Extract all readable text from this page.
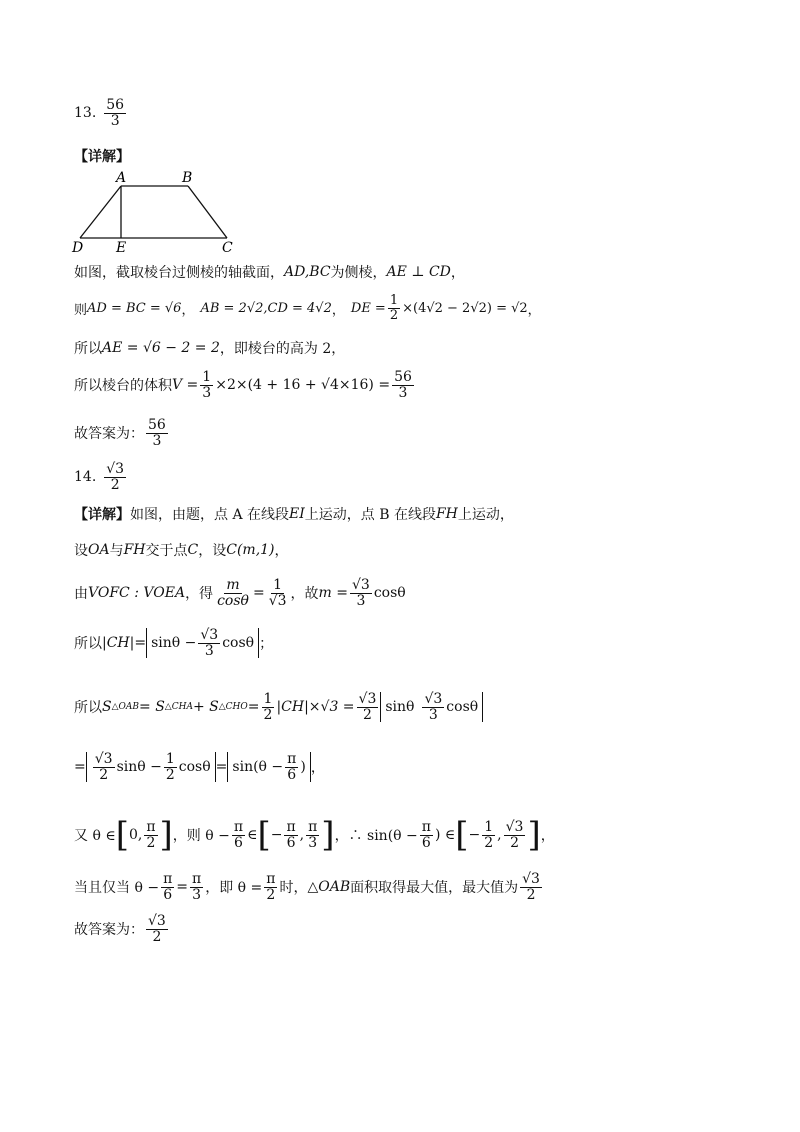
13. $\frac{56}{3}$
【详解】
A	B
C
D E
如图，截取棱台过侧棱的轴截面， AD,BC 为侧棱， AE ⊥ CD ，
则 AD = BC = √6 ， AB = 2√2,CD = 4√2 ， DE = $\frac{1}{2} \times(4√2 - 2√2) = √2$ ，
所以 AE = √6 − 2 = 2 ，即棱台的高为 2，
所以棱台的体积 $V = \frac{1}{3} \times 2\times(4 + 16 + √4\times 16) = \frac{56}{3}$
故答案为： $\frac{56}{3}$
14. $\frac{√3}{2}$
【详解】 如图，由题，点 A 在线段 EI 上运动，点 B 在线段 FH 上运动，
设 OA 与 FH 交于点 C ，设 C(m,1) ，
由 VOFC : VOEA ，得 $\frac{m}{\cos\theta} = \frac{1}{√3}$ ，故 $m = \frac{√3}{3}$ cosθ
所以 $|CH| = \sin\theta - \frac{√3}{3}$ cosθ ；
所以 S △OAB = S △CHA + S △CHO = $\frac{1}{2} |CH|\times√3 = \frac{√3}{2}$ sinθ $\frac{√3}{3}$ cosθ
= $\frac{√3}{2}$ $\sin\theta - \frac{1}{2}$ $\cos\theta = \sin(\theta - \frac{\pi}{6}$ ) ，
又 θ ∈ [ 0, $\frac{\pi}{2}$ ] ，则 $\theta - \frac{\pi}{6}$ ∈ [ − $\frac{\pi}{6}$ , $\frac{\pi}{3}$ ] ，∴ $\sin(\theta - \frac{\pi}{6}$ ) ∈ [ − $\frac{1}{2}$ , $\frac{√3}{2}$ ] ，
当且仅当 $\theta - \frac{\pi}{6} = \frac{\pi}{3}$ ，即 $\theta = \frac{\pi}{2}$ 时， △OAB 面积取得最大值，最大值为 $\frac{√3}{2}$
故答案为： $\frac{√3}{2}$
